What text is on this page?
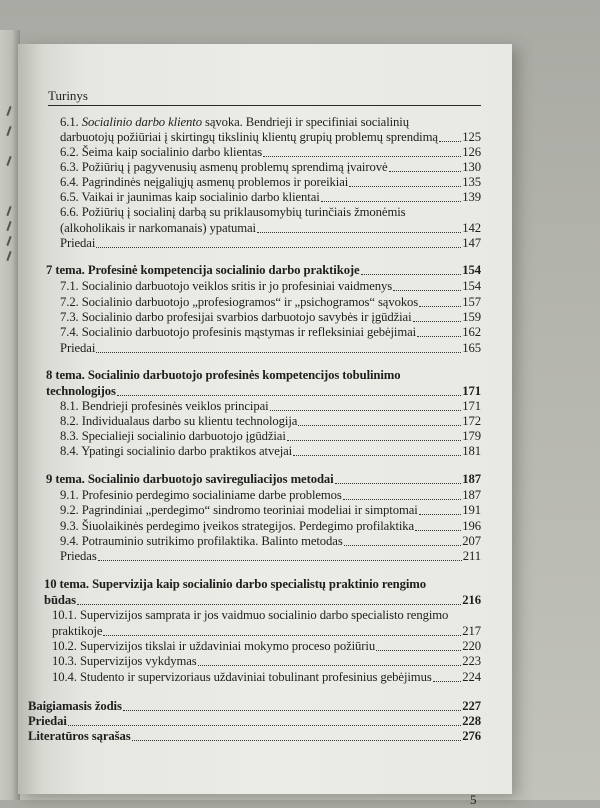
Turinys
6.1. Socialinio darbo kliento sąvoka. Bendrieji ir specifiniai socialinių
darbuotojų požiūriai į skirtingų tikslinių klientų grupių problemų sprendimą 125
6.2. Šeima kaip socialinio darbo klientas	126
6.3. Požiūrių į pagyvenusių asmenų problemų sprendimą įvairovė	130
6.4. Pagrindinės neįgaliųjų asmenų problemos ir poreikiai	135
6.5. Vaikai ir jaunimas kaip socialinio darbo klientai	139
6.6. Požiūrių į socialinį darbą su priklausomybių turinčiais žmonėmis
(alkoholikais ir narkomanais) ypatumai	142
Priedai	147
7 tema. Profesinė kompetencija socialinio darbo praktikoje	154
7.1. Socialinio darbuotojo veiklos sritis ir jo profesiniai vaidmenys	154
7.2. Socialinio darbuotojo „profesiogramos“ ir „psichogramos“ sąvokos	157
7.3. Socialinio darbo profesijai svarbios darbuotojo savybės ir įgūdžiai	159
7.4. Socialinio darbuotojo profesinis mąstymas ir refleksiniai gebėjimai	162
Priedai	165
8 tema. Socialinio darbuotojo profesinės kompetencijos tobulinimo
technologijos	171
8.1. Bendrieji profesinės veiklos principai	171
8.2. Individualaus darbo su klientu technologija	172
8.3. Specialieji socialinio darbuotojo įgūdžiai	179
8.4. Ypatingi socialinio darbo praktikos atvejai	181
9 tema. Socialinio darbuotojo savireguliacijos metodai	187
9.1. Profesinio perdegimo socialiniame darbe problemos	187
9.2. Pagrindiniai „perdegimo“ sindromo teoriniai modeliai ir simptomai	191
9.3. Šiuolaikinės perdegimo įveikos strategijos. Perdegimo profilaktika	196
9.4. Potrauminio sutrikimo profilaktika. Balinto metodas	207
Priedas	211
10 tema. Supervizija kaip socialinio darbo specialistų praktinio rengimo
būdas	216
10.1. Supervizijos samprata ir jos vaidmuo socialinio darbo specialisto rengimo
praktikoje	217
10.2. Supervizijos tikslai ir uždaviniai mokymo proceso požiūriu	220
10.3. Supervizijos vykdymas	223
10.4. Studento ir supervizoriaus uždaviniai tobulinant profesinius gebėjimus 224
Baigiamasis žodis	227
Priedai	228
Literatūros sąrašas	276
5
